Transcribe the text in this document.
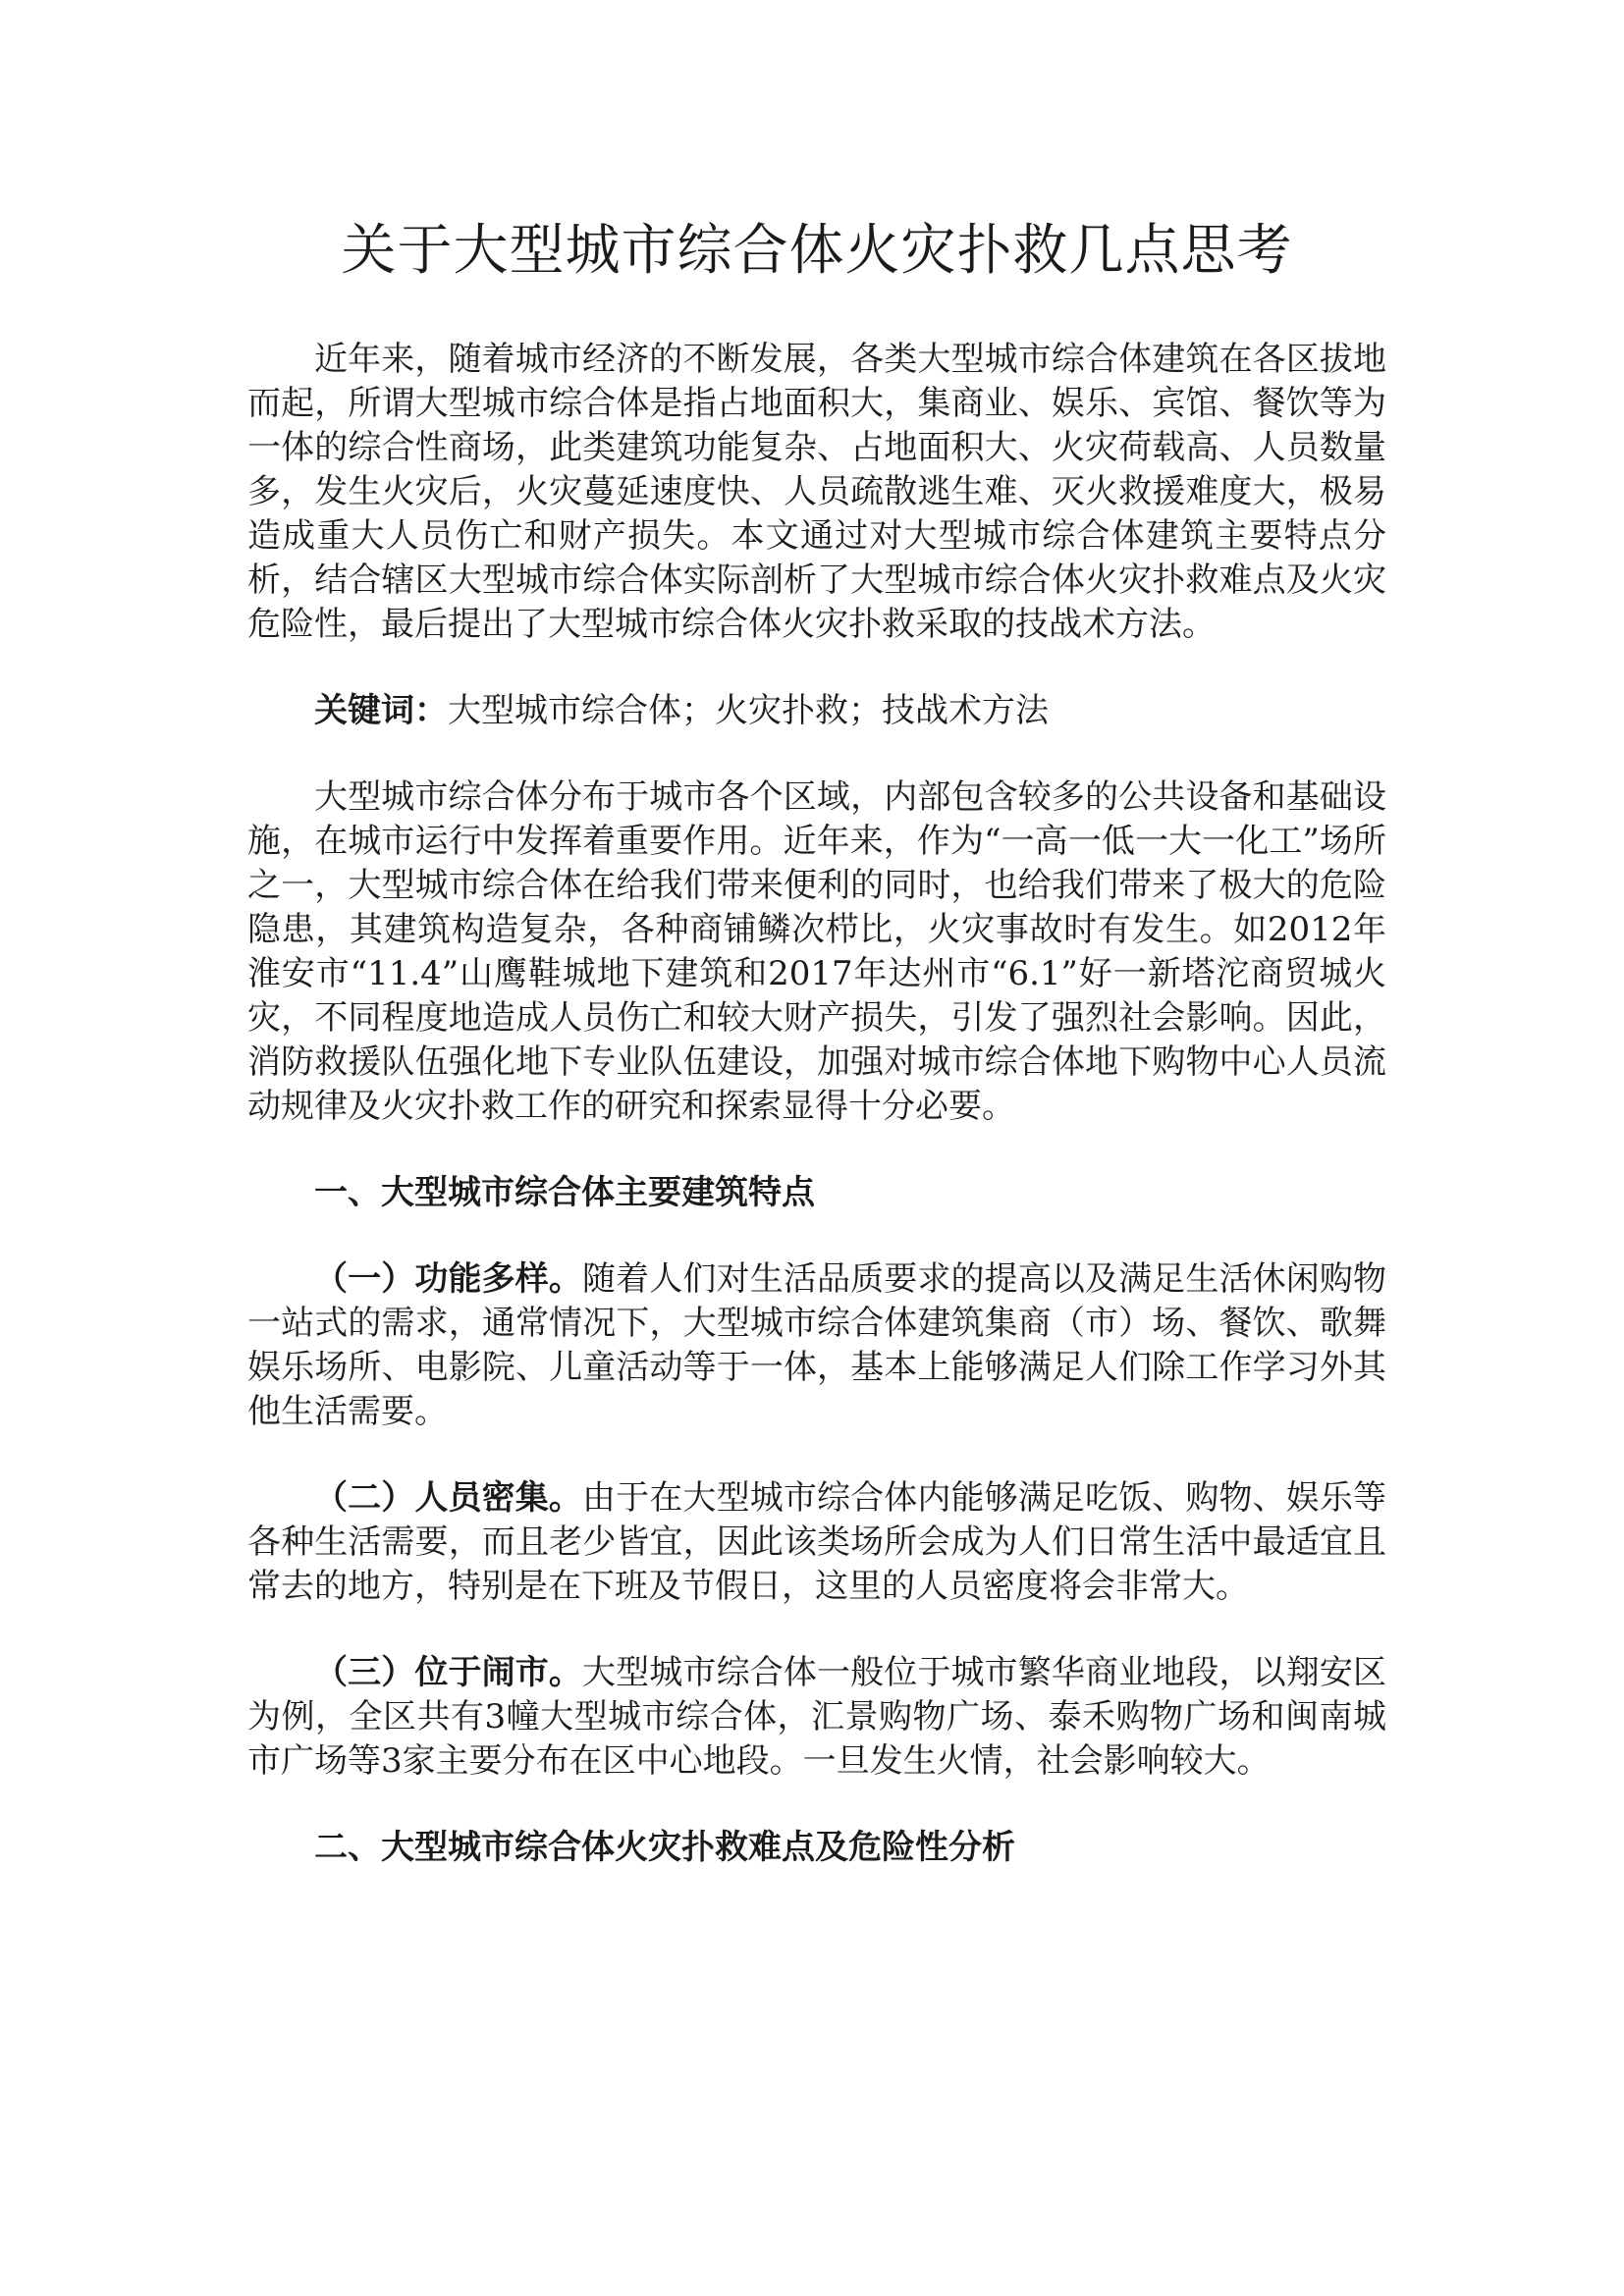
关于大型城市综合体火灾扑救几点思考

近年来，随着城市经济的不断发展，各类大型城市综合体建筑在各区拔地而起，所谓大型城市综合体是指占地面积大，集商业、娱乐、宾馆、餐饮等为一体的综合性商场，此类建筑功能复杂、占地面积大、火灾荷载高、人员数量多，发生火灾后，火灾蔓延速度快、人员疏散逃生难、灭火救援难度大，极易造成重大人员伤亡和财产损失。本文通过对大型城市综合体建筑主要特点分析，结合辖区大型城市综合体实际剖析了大型城市综合体火灾扑救难点及火灾危险性，最后提出了大型城市综合体火灾扑救采取的技战术方法。

关键词：大型城市综合体；火灾扑救；技战术方法

大型城市综合体分布于城市各个区域，内部包含较多的公共设备和基础设施，在城市运行中发挥着重要作用。近年来，作为“一高一低一大一化工”场所之一，大型城市综合体在给我们带来便利的同时，也给我们带来了极大的危险隐患，其建筑构造复杂，各种商铺鳞次栉比，火灾事故时有发生。如2012年淮安市“11.4”山鹰鞋城地下建筑和2017年达州市“6.1”好一新塔沱商贸城火灾，不同程度地造成人员伤亡和较大财产损失，引发了强烈社会影响。因此，消防救援队伍强化地下专业队伍建设，加强对城市综合体地下购物中心人员流动规律及火灾扑救工作的研究和探索显得十分必要。

一、大型城市综合体主要建筑特点

（一）功能多样。随着人们对生活品质要求的提高以及满足生活休闲购物一站式的需求，通常情况下，大型城市综合体建筑集商（市）场、餐饮、歌舞娱乐场所、电影院、儿童活动等于一体，基本上能够满足人们除工作学习外其他生活需要。

（二）人员密集。由于在大型城市综合体内能够满足吃饭、购物、娱乐等各种生活需要，而且老少皆宜，因此该类场所会成为人们日常生活中最适宜且常去的地方，特别是在下班及节假日，这里的人员密度将会非常大。

（三）位于闹市。大型城市综合体一般位于城市繁华商业地段，以翔安区为例，全区共有3幢大型城市综合体，汇景购物广场、泰禾购物广场和闽南城市广场等3家主要分布在区中心地段。一旦发生火情，社会影响较大。

二、大型城市综合体火灾扑救难点及危险性分析
